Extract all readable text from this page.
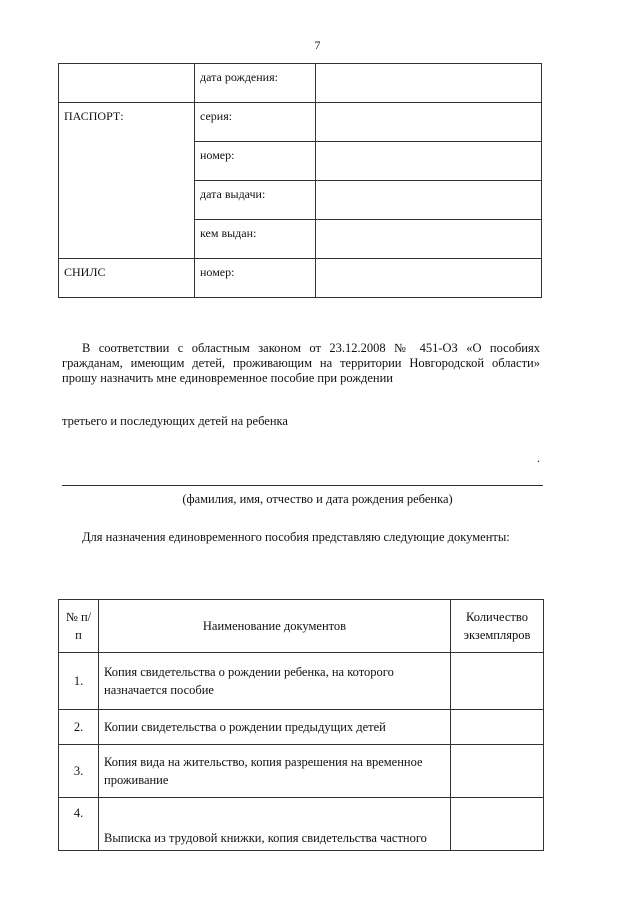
7
	дата рождения:	
ПАСПОРТ:	серия:	
	номер:	
	дата выдачи:	
	кем выдан:	
СНИЛС	номер:	
В соответствии с областным законом от 23.12.2008 № 451-ОЗ «О пособиях гражданам, имеющим детей, проживающим на территории Новгородской области» прошу назначить мне единовременное пособие при рождении
третьего и последующих детей на ребенка
.
(фамилия, имя, отчество и дата рождения ребенка)
Для назначения единовременного пособия представляю следующие документы:
№ п/п	Наименование документов	Количество экземпляров
1.	Копия свидетельства о рождении ребенка, на которого назначается пособие	
2.	Копии свидетельства о рождении предыдущих детей	
3.	Копия вида на жительство, копия разрешения на временное проживание	
4.	Выписка из трудовой книжки, копия свидетельства частного	
